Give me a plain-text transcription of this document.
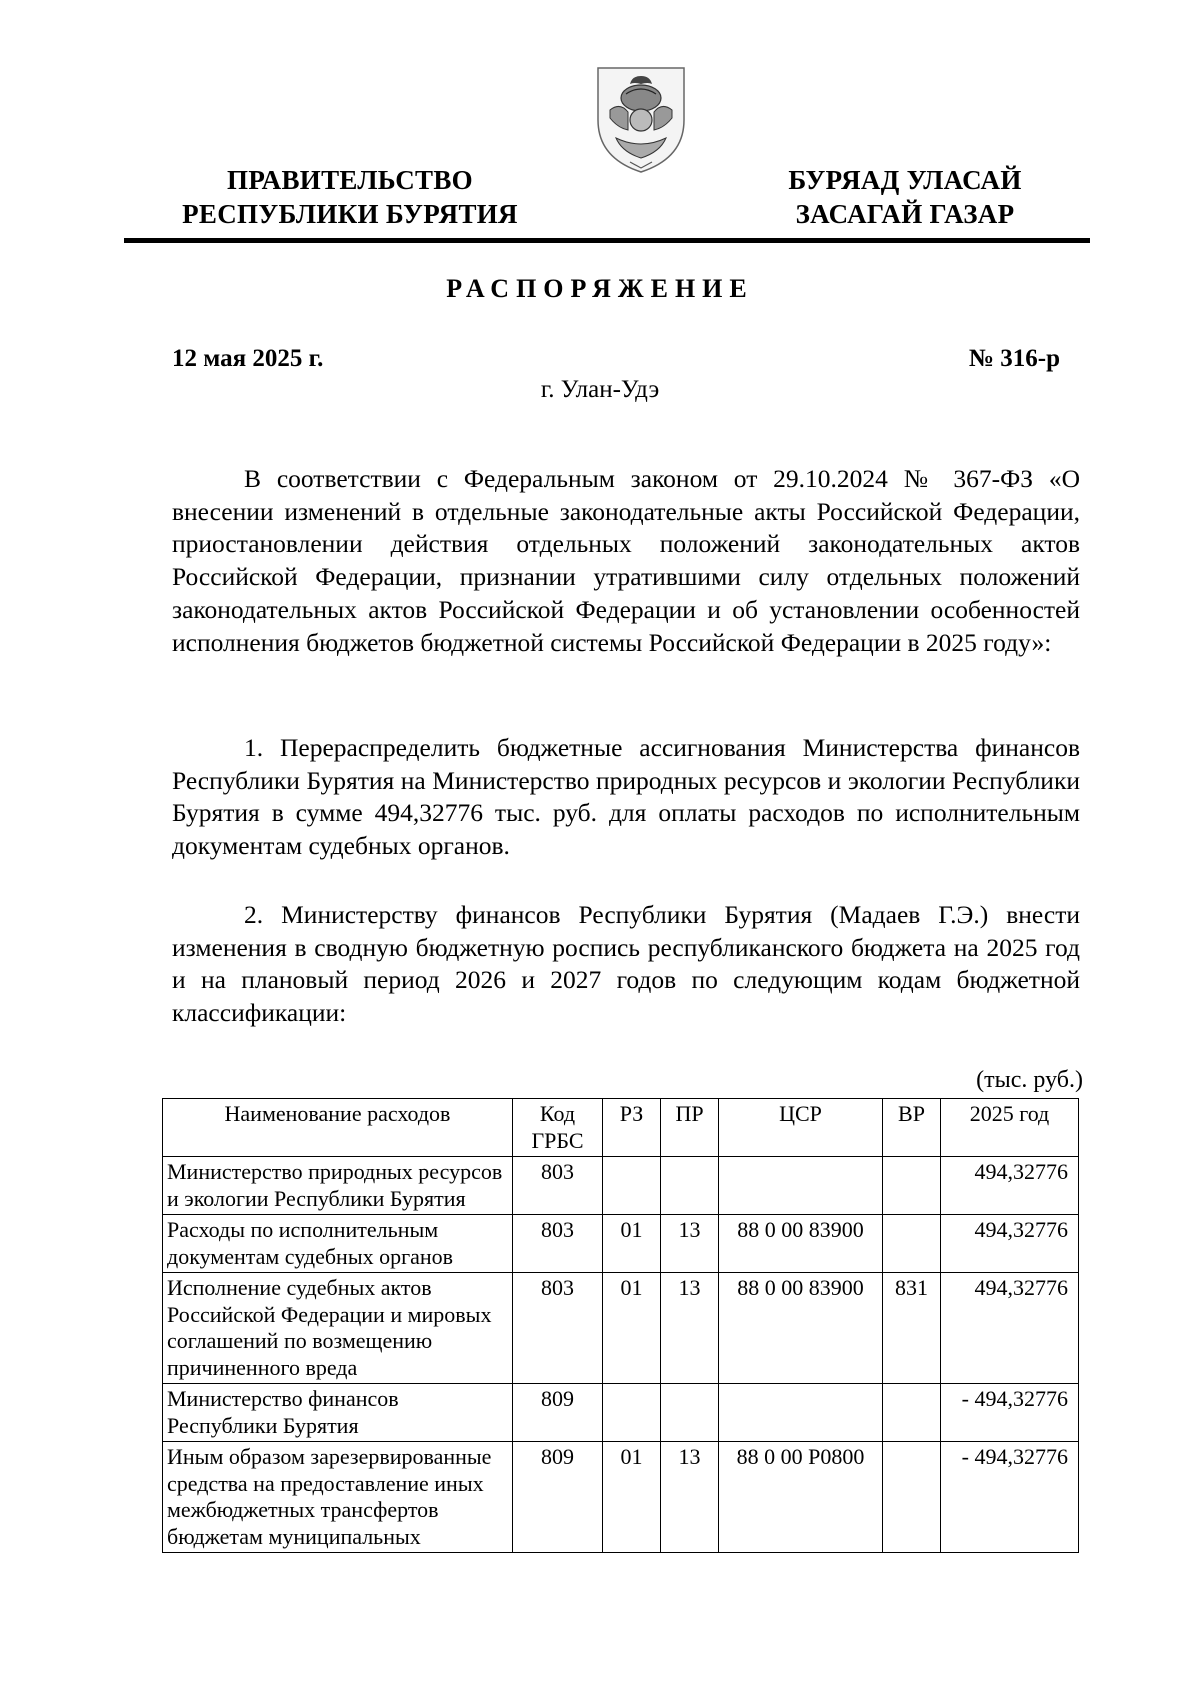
ПРАВИТЕЛЬСТВО
РЕСПУБЛИКИ БУРЯТИЯ
БУРЯАД УЛАСАЙ
ЗАСАГАЙ ГАЗАР
РАСПОРЯЖЕНИЕ
12 мая 2025 г.	№ 316-р
г. Улан-Удэ

В соответствии с Федеральным законом от 29.10.2024 № 367-ФЗ «О внесении изменений в отдельные законодательные акты Российской Федерации, приостановлении действия отдельных положений законодательных актов Российской Федерации, признании утратившими силу отдельных положений законодательных актов Российской Федерации и об установлении особенностей исполнения бюджетов бюджетной системы Российской Федерации в 2025 году»:

1. Перераспределить бюджетные ассигнования Министерства финансов Республики Бурятия на Министерство природных ресурсов и экологии Республики Бурятия в сумме 494,32776 тыс. руб. для оплаты расходов по исполнительным документам судебных органов.

2. Министерству финансов Республики Бурятия (Мадаев Г.Э.) внести изменения в сводную бюджетную роспись республиканского бюджета на 2025 год и на плановый период 2026 и 2027 годов по следующим кодам бюджетной классификации:

(тыс. руб.)
Наименование расходов	Код ГРБС	РЗ	ПР	ЦСР	ВР	2025 год
Министерство природных ресурсов и экологии Республики Бурятия	803					494,32776
Расходы по исполнительным документам судебных органов	803	01	13	88 0 00 83900		494,32776
Исполнение судебных актов Российской Федерации и мировых соглашений по возмещению причиненного вреда	803	01	13	88 0 00 83900	831	494,32776
Министерство финансов Республики Бурятия	809					- 494,32776

Иным образом зарезервированные средства на предоставление иных межбюджетных трансфертов бюджетам муниципальных	809	01	13	88 0 00 Р0800		- 494,32776
